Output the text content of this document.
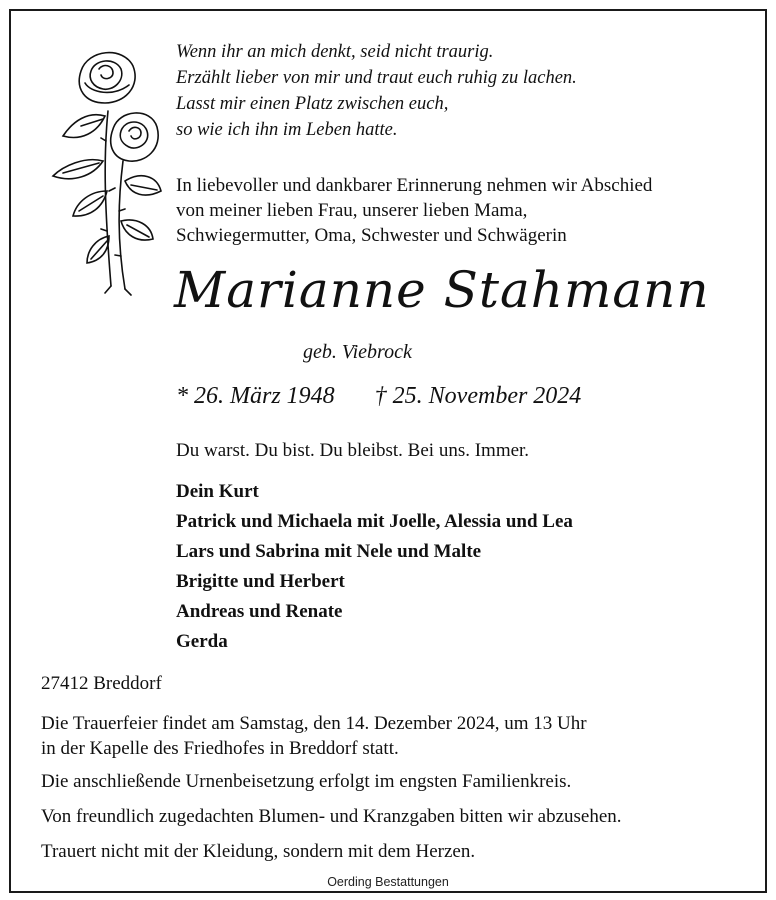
Wenn ihr an mich denkt, seid nicht traurig.
Erzählt lieber von mir und traut euch ruhig zu lachen.
Lasst mir einen Platz zwischen euch,
so wie ich ihn im Leben hatte.
In liebevoller und dankbarer Erinnerung nehmen wir Abschied
von meiner lieben Frau, unserer lieben Mama,
Schwiegermutter, Oma, Schwester und Schwägerin
Marianne Stahmann
geb. Viebrock
* 26. März 1948 † 25. November 2024
Du warst. Du bist. Du bleibst. Bei uns. Immer.
Dein Kurt
Patrick und Michaela mit Joelle, Alessia und Lea
Lars und Sabrina mit Nele und Malte
Brigitte und Herbert
Andreas und Renate
Gerda
27412 Breddorf

Die Trauerfeier findet am Samstag, den 14. Dezember 2024, um 13 Uhr
in der Kapelle des Friedhofes in Breddorf statt.

Die anschließende Urnenbeisetzung erfolgt im engsten Familienkreis.

Von freundlich zugedachten Blumen- und Kranzgaben bitten wir abzusehen.

Trauert nicht mit der Kleidung, sondern mit dem Herzen.

Oerding Bestattungen
